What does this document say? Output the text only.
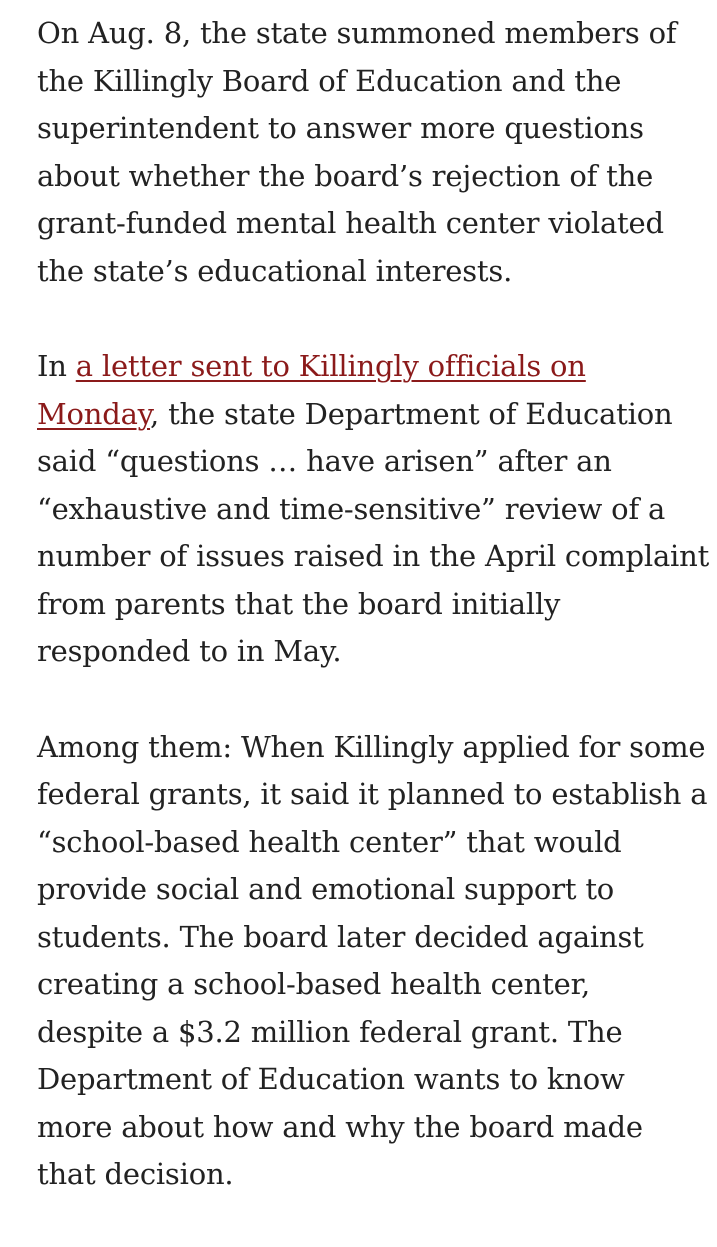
On Aug. 8, the state summoned members of
the Killingly Board of Education and the
superintendent to answer more questions
about whether the board’s rejection of the
grant-funded mental health center violated
the state’s educational interests.

In a letter sent to Killingly officials on
Monday, the state Department of Education
said “questions … have arisen” after an
“exhaustive and time-sensitive” review of a
number of issues raised in the April complaint
from parents that the board initially
responded to in May.

Among them: When Killingly applied for some
federal grants, it said it planned to establish a
“school-based health center” that would
provide social and emotional support to
students. The board later decided against
creating a school-based health center,
despite a $3.2 million federal grant. The
Department of Education wants to know
more about how and why the board made
that decision.
